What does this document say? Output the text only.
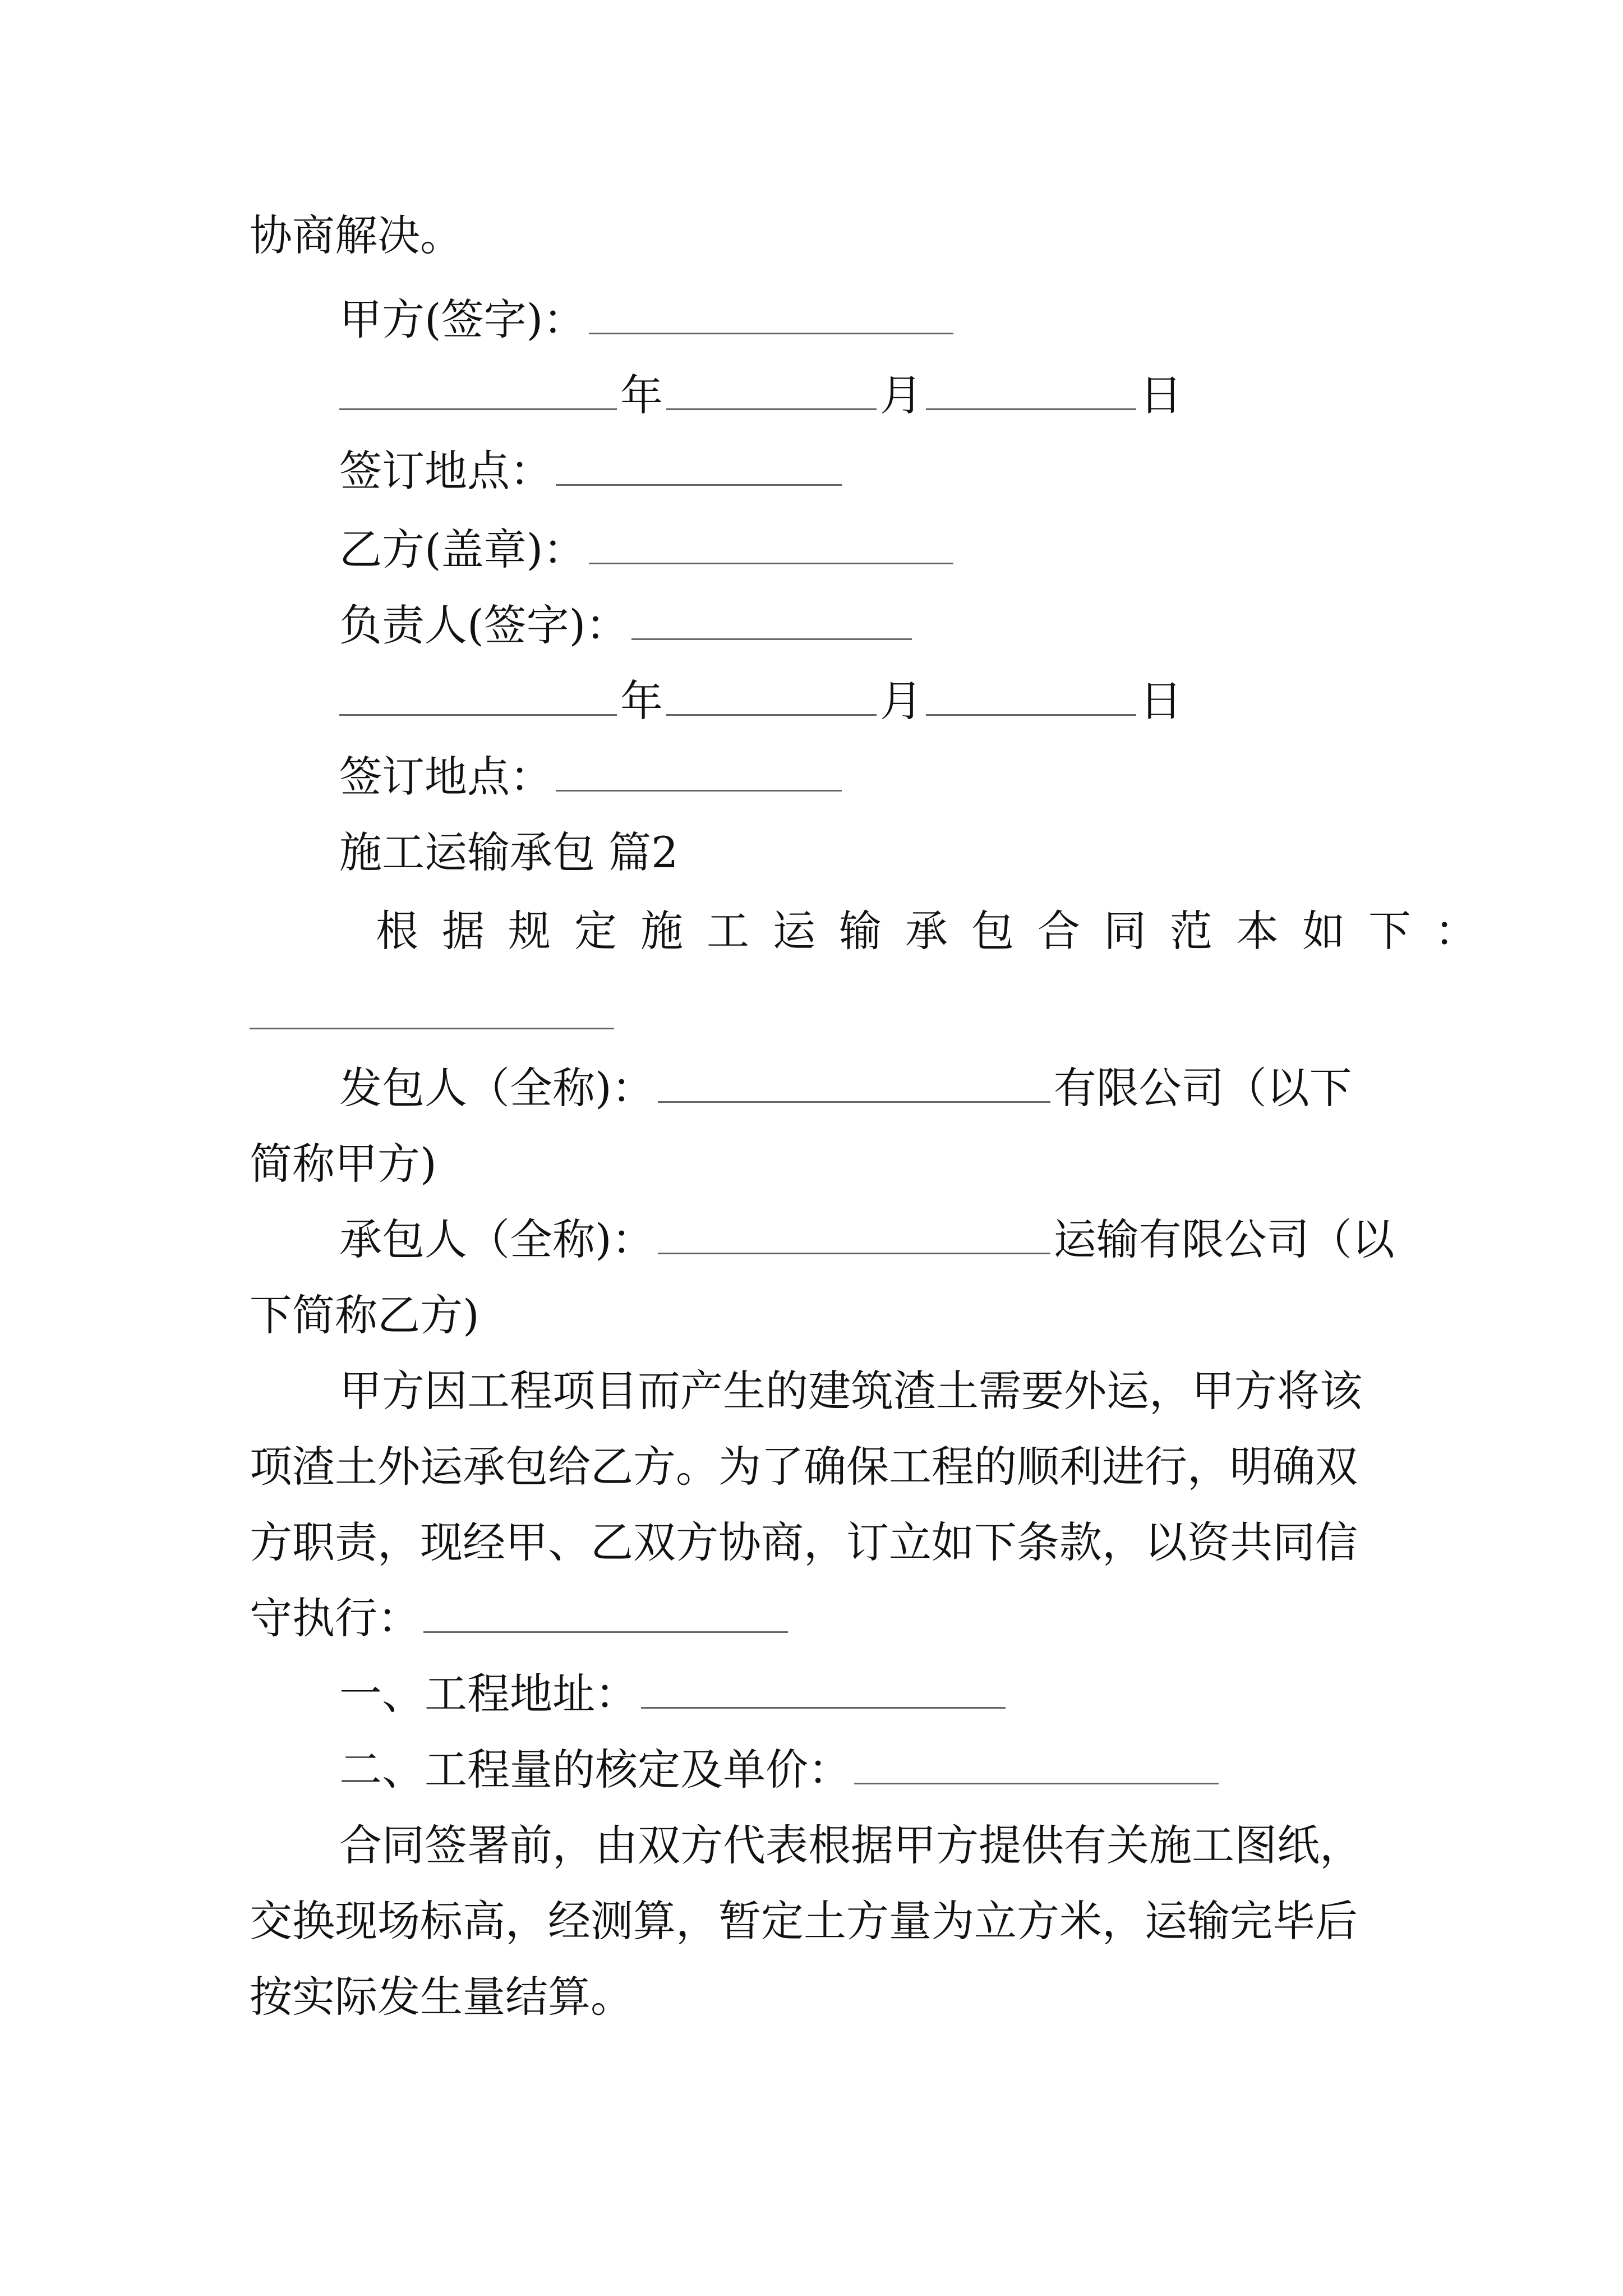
协商解决。
甲方(签字)：
年	月	日
签订地点：
乙方(盖章)：
负责人(签字)：
年	月	日
签订地点：
施工运输承包 篇2
根据规定施工运输承包合同范本如下：
发包人（全称)：	有限公司（以下
简称甲方)
承包人（全称)：	运输有限公司（以
下简称乙方)
甲方因工程项目而产生的建筑渣土需要外运，甲方将该
项渣土外运承包给乙方。为了确保工程的顺利进行，明确双
方职责，现经甲、乙双方协商，订立如下条款，以资共同信
守执行：
一、工程地址：
二、工程量的核定及单价：
合同签署前，由双方代表根据甲方提供有关施工图纸，
交换现场标高，经测算，暂定土方量为立方米，运输完毕后
按实际发生量结算。
